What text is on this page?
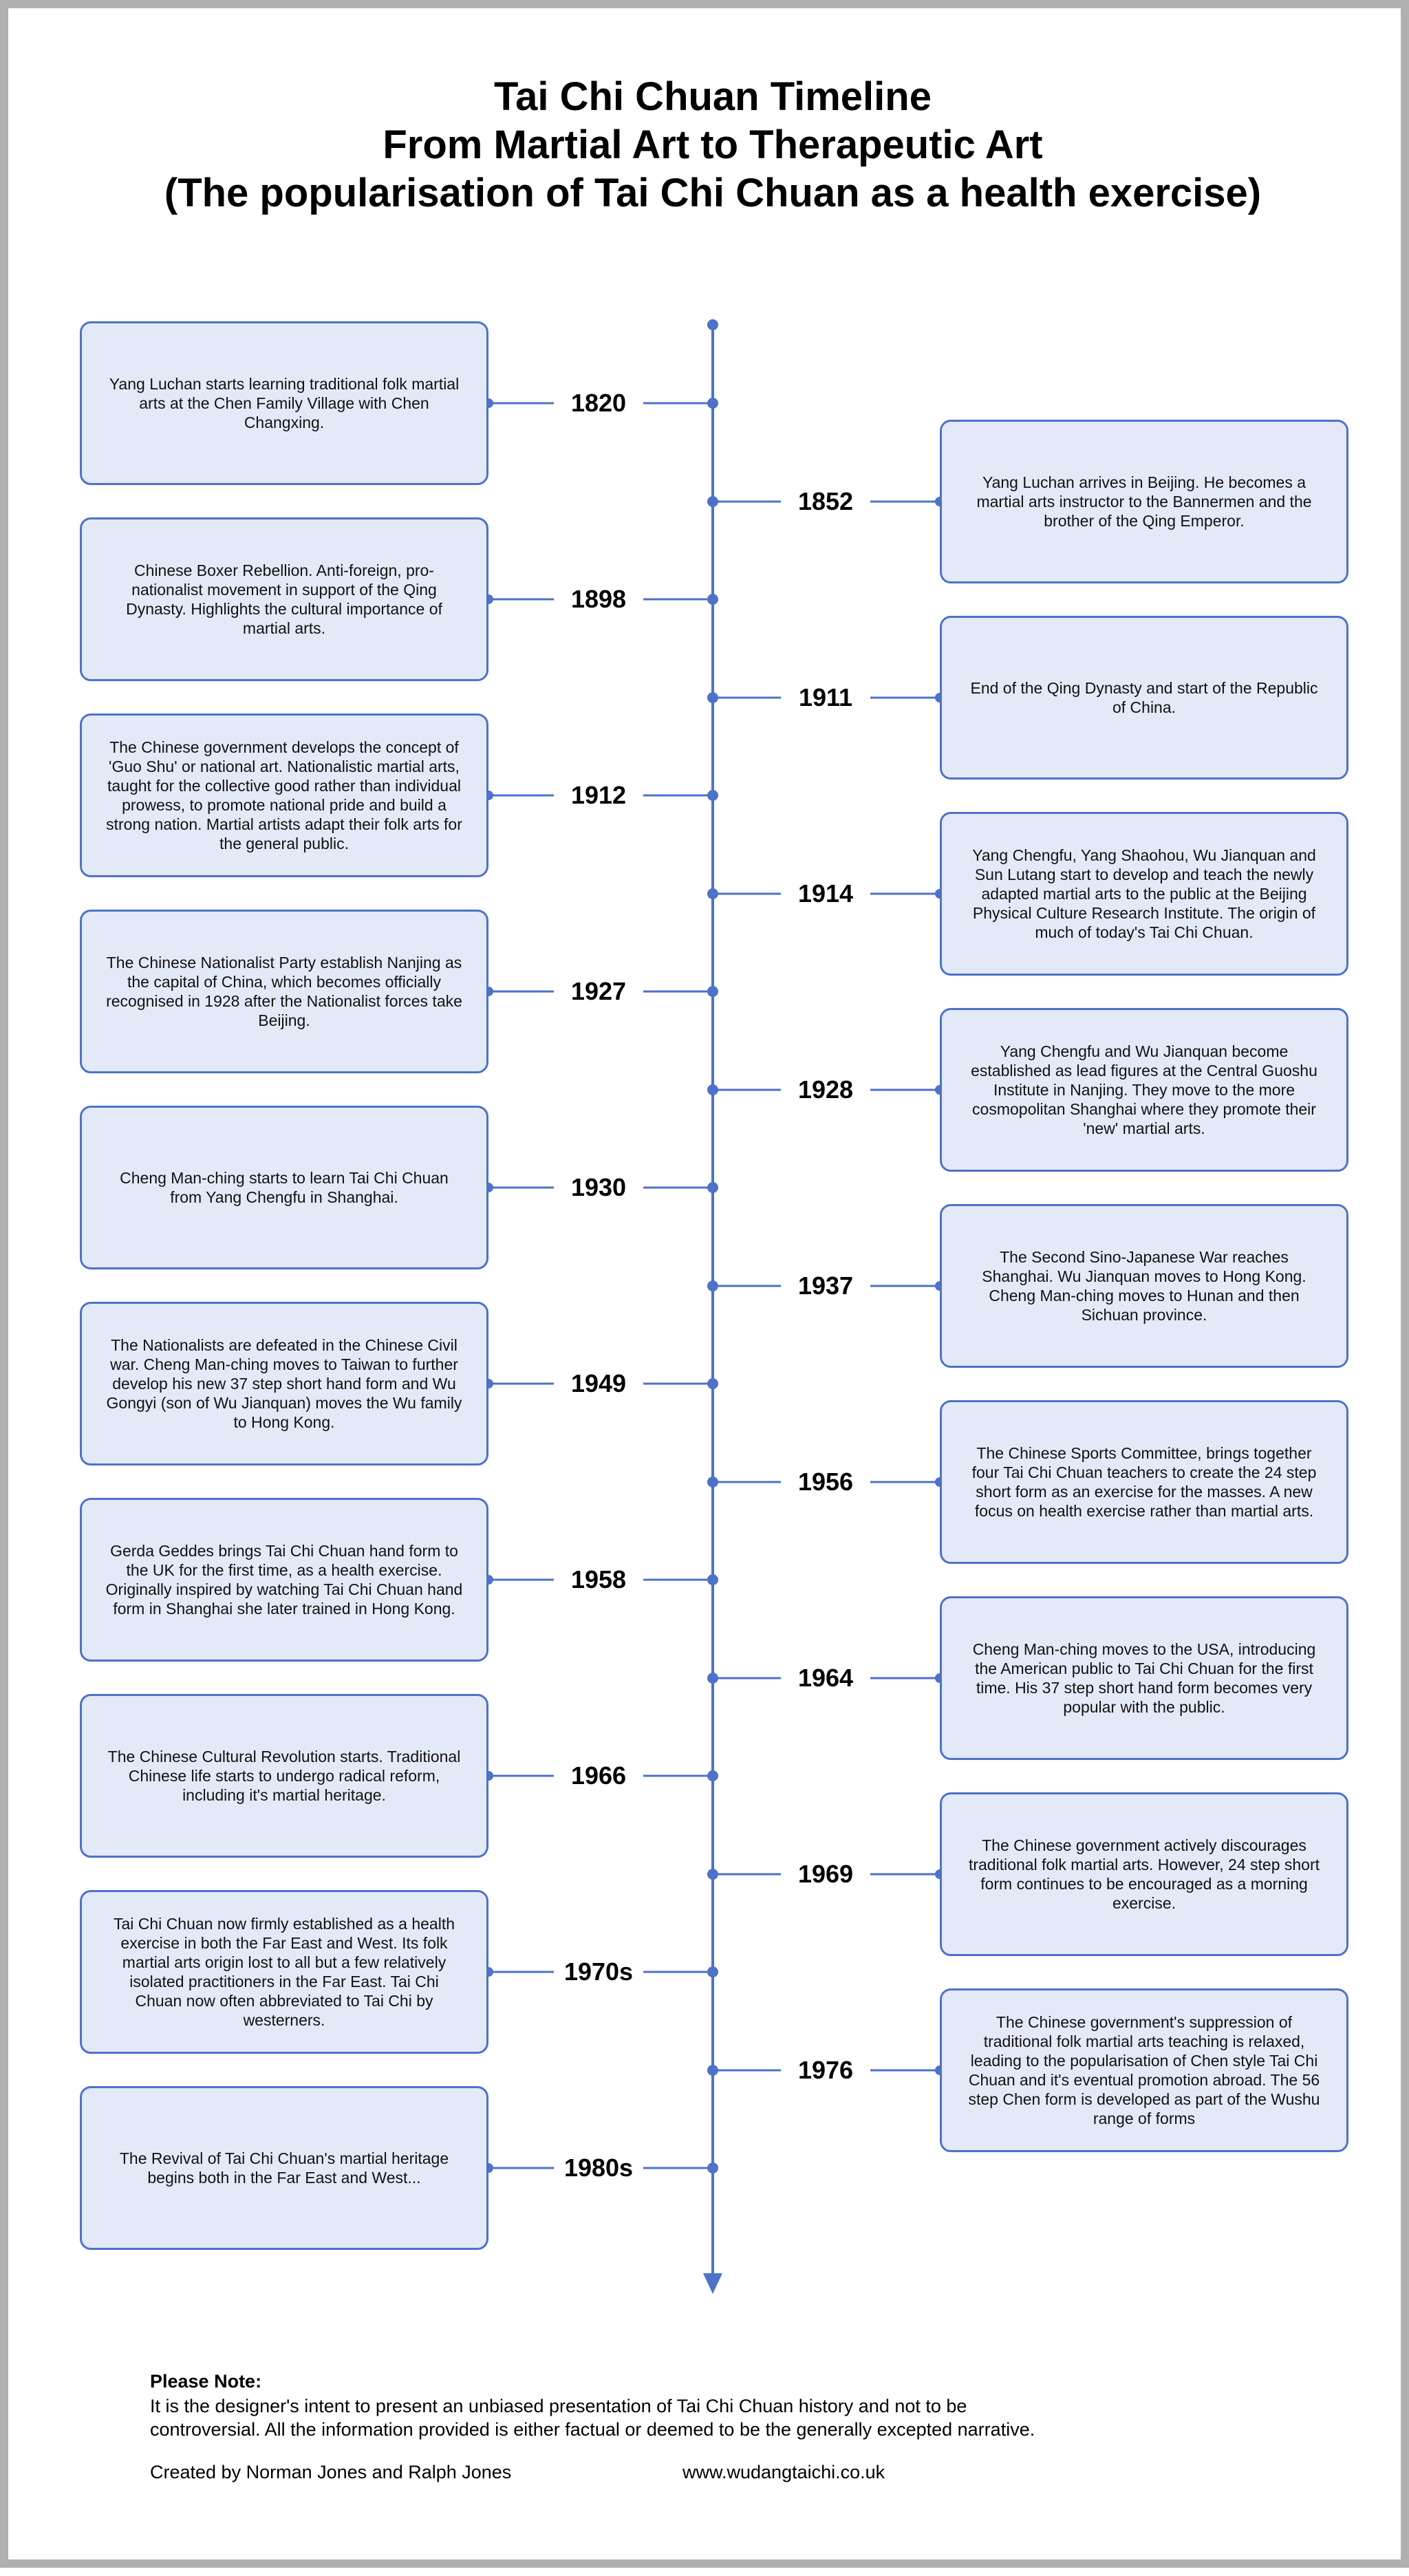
Tai Chi Chuan Timeline
From Martial Art to Therapeutic Art
(The popularisation of Tai Chi Chuan as a health exercise)
Yang Luchan starts learning traditional folk martial arts at the Chen Family Village with Chen Changxing.
1820
Yang Luchan arrives in Beijing. He becomes a martial arts instructor to the Bannermen and the brother of the Qing Emperor.
1852
Chinese Boxer Rebellion. Anti-foreign, pro-nationalist movement in support of the Qing Dynasty. Highlights the cultural importance of martial arts.
1898
End of the Qing Dynasty and start of the Republic of China.
1911
The Chinese government develops the concept of 'Guo Shu' or national art. Nationalistic martial arts, taught for the collective good rather than individual prowess, to promote national pride and build a strong nation. Martial artists adapt their folk arts for the general public.
1912
Yang Chengfu, Yang Shaohou, Wu Jianquan and Sun Lutang start to develop and teach the newly adapted martial arts to the public at the Beijing Physical Culture Research Institute. The origin of much of today's Tai Chi Chuan.
1914
The Chinese Nationalist Party establish Nanjing as the capital of China, which becomes officially recognised in 1928 after the Nationalist forces take Beijing.
1927
Yang Chengfu and Wu Jianquan become established as lead figures at the Central Guoshu Institute in Nanjing. They move to the more cosmopolitan Shanghai where they promote their 'new' martial arts.
1928
Cheng Man-ching starts to learn Tai Chi Chuan from Yang Chengfu in Shanghai.	1930
The Second Sino-Japanese War reaches Shanghai. Wu Jianquan moves to Hong Kong. Cheng Man-ching moves to Hunan and then Sichuan province.
1937
The Nationalists are defeated in the Chinese Civil war. Cheng Man-ching moves to Taiwan to further develop his new 37 step short hand form and Wu Gongyi (son of Wu Jianquan) moves the Wu family to Hong Kong.
1949
The Chinese Sports Committee, brings together four Tai Chi Chuan teachers to create the 24 step short form as an exercise for the masses. A new focus on health exercise rather than martial arts.
1956
Gerda Geddes brings Tai Chi Chuan hand form to the UK for the first time, as a health exercise. Originally inspired by watching Tai Chi Chuan hand form in Shanghai she later trained in Hong Kong.
1958
Cheng Man-ching moves to the USA, introducing the American public to Tai Chi Chuan for the first time. His 37 step short hand form becomes very popular with the public.
1964
The Chinese Cultural Revolution starts. Traditional Chinese life starts to undergo radical reform, including it's martial heritage.
1966
The Chinese government actively discourages traditional folk martial arts. However, 24 step short form continues to be encouraged as a morning exercise.
1969
Tai Chi Chuan now firmly established as a health exercise in both the Far East and West. Its folk martial arts origin lost to all but a few relatively isolated practitioners in the Far East. Tai Chi Chuan now often abbreviated to Tai Chi by westerners.
1970s
The Chinese government's suppression of traditional folk martial arts teaching is relaxed, leading to the popularisation of Chen style Tai Chi Chuan and it's eventual promotion abroad. The 56 step Chen form is developed as part of the Wushu range of forms
1976
The Revival of Tai Chi Chuan's martial heritage begins both in the Far East and West...	1980s
Please Note:
It is the designer's intent to present an unbiased presentation of Tai Chi Chuan history and not to be
controversial. All the information provided is either factual or deemed to be the generally excepted narrative.
Created by Norman Jones and Ralph Jones	www.wudangtaichi.co.uk
